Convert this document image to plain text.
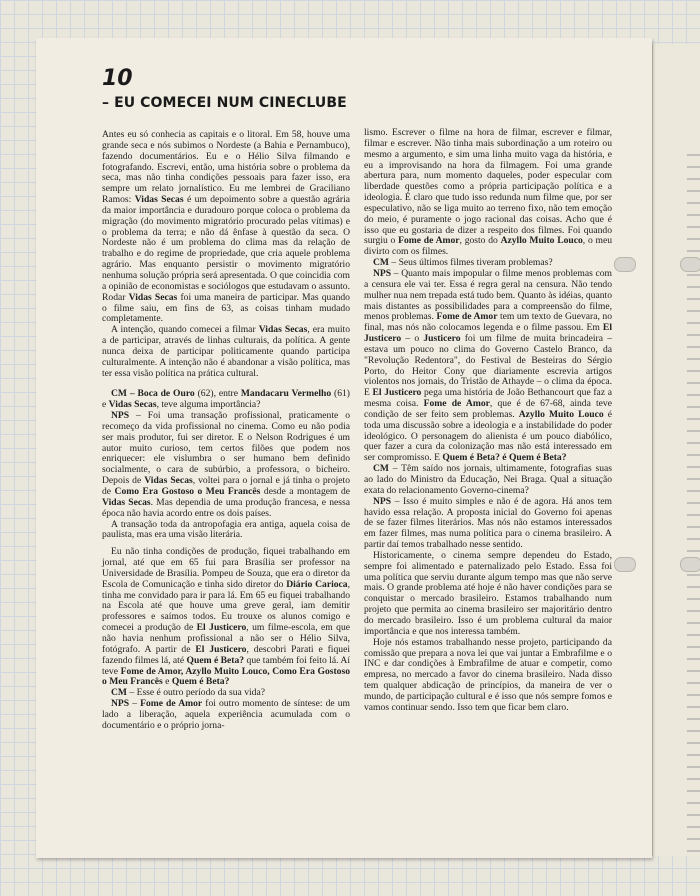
10
– EU COMECEI NUM CINECLUBE

Antes eu só conhecia as capitais e o litoral. Em 58, houve uma grande seca e nós subimos o Nordeste (a Bahia e Pernambuco), fazendo documentários. Eu e o Hélio Silva filmando e fotografando. Escrevi, então, uma história sobre o problema da seca, mas não tinha condições pessoais para fazer isso, era sempre um relato jornalístico. Eu me lembrei de Graciliano Ramos: Vidas Secas é um depoimento sobre a questão agrária da maior importância e duradouro porque coloca o problema da migração (do movimento migratório procurado pelas vítimas) e o problema da terra; e não dá ênfase à questão da seca. O Nordeste não é um problema do clima mas da relação de trabalho e do regime de propriedade, que cria aquele problema agrário. Mas enquanto persistir o movimento migratório nenhuma solução própria será apresentada. O que coincidia com a opinião de economistas e sociólogos que estudavam o assunto. Rodar Vidas Secas foi uma maneira de participar. Mas quando o filme saiu, em fins de 63, as coisas tinham mudado completamente.

A intenção, quando comecei a filmar Vidas Secas, era muito a de participar, através de linhas culturais, da política. A gente nunca deixa de participar politicamente quando participa culturalmente. A intenção não é abandonar a visão política, mas ter essa visão política na prática cultural.

CM – Boca de Ouro (62), entre Mandacaru Vermelho (61) e Vidas Secas, teve alguma importância?

NPS – Foi uma transação profissional, praticamente o recomeço da vida profissional no cinema. Como eu não podia ser mais produtor, fui ser diretor. E o Nelson Rodrigues é um autor muito curioso, tem certos filões que podem nos enriquecer: ele vislumbra o ser humano bem definido socialmente, o cara de subúrbio, a professora, o bicheiro. Depois de Vidas Secas, voltei para o jornal e já tinha o projeto de Como Era Gostoso o Meu Francês desde a montagem de Vidas Secas. Mas dependia de uma produção francesa, e nessa época não havia acordo entre os dois países.

A transação toda da antropofagia era antiga, aquela coisa de paulista, mas era uma visão literária.

Eu não tinha condições de produção, fiquei trabalhando em jornal, até que em 65 fui para Brasília ser professor na Universidade de Brasília. Pompeu de Souza, que era o diretor da Escola de Comunicação e tinha sido diretor do Diário Carioca, tinha me convidado para ir para lá. Em 65 eu fiquei trabalhando na Escola até que houve uma greve geral, iam demitir professores e saímos todos. Eu trouxe os alunos comigo e comecei a produção de El Justicero, um filme-escola, em que não havia nenhum profissional a não ser o Hélio Silva, fotógrafo. A partir de El Justicero, descobri Parati e fiquei fazendo filmes lá, até Quem é Beta? que também foi feito lá. Aí teve Fome de Amor, Azyllo Muito Louco, Como Era Gostoso o Meu Francês e Quem é Beta?

CM – Esse é outro período da sua vida?

NPS – Fome de Amor foi outro momento de síntese: de um lado a liberação, aquela experiência acumulada com o documentário e o próprio jorna-

lismo. Escrever o filme na hora de filmar, escrever e filmar, filmar e escrever. Não tinha mais subordinação a um roteiro ou mesmo a argumento, e sim uma linha muito vaga da história, e eu a improvisando na hora da filmagem. Foi uma grande abertura para, num momento daqueles, poder especular com liberdade questões como a própria participação política e a ideologia. É claro que tudo isso redunda num filme que, por ser especulativo, não se liga muito ao terreno fixo, não tem emoção do meio, é puramente o jogo racional das coisas. Acho que é isso que eu gostaria de dizer a respeito dos filmes. Foi quando surgiu o Fome de Amor, gosto do Azyllo Muito Louco, o meu divirto com os filmes.

CM – Seus últimos filmes tiveram problemas?

NPS – Quanto mais impopular o filme menos problemas com a censura ele vai ter. Essa é regra geral na censura. Não tendo mulher nua nem trepada está tudo bem. Quanto às idéias, quanto mais distantes as possibilidades para a compreensão do filme, menos problemas. Fome de Amor tem um texto de Guevara, no final, mas nós não colocamos legenda e o filme passou. Em El Justicero – o Justicero foi um filme de muita brincadeira – estava um pouco no clima do Governo Castelo Branco, da "Revolução Redentora", do Festival de Besteiras do Sérgio Porto, do Heitor Cony que diariamente escrevia artigos violentos nos jornais, do Tristão de Athayde – o clima da época. E El Justicero pega uma história de João Bethancourt que faz a mesma coisa. Fome de Amor, que é de 67-68, ainda teve condição de ser feito sem problemas. Azyllo Muito Louco é toda uma discussão sobre a ideologia e a instabilidade do poder ideológico. O personagem do alienista é um pouco diabólico, quer fazer a cura da colonização mas não está interessado em ser compromisso. E Quem é Beta? é Quem é Beta?

CM – Têm saído nos jornais, ultimamente, fotografias suas ao lado do Ministro da Educação, Nei Braga. Qual a situação exata do relacionamento Governo-cinema?

NPS – Isso é muito simples e não é de agora. Há anos tem havido essa relação. A proposta inicial do Governo foi apenas de se fazer filmes literários. Mas nós não estamos interessados em fazer filmes, mas numa política para o cinema brasileiro. A partir daí temos trabalhado nesse sentido.

Historicamente, o cinema sempre dependeu do Estado, sempre foi alimentado e paternalizado pelo Estado. Essa foi uma política que serviu durante algum tempo mas que não serve mais. O grande problema até hoje é não haver condições para se conquistar o mercado brasileiro. Estamos trabalhando num projeto que permita ao cinema brasileiro ser majoritário dentro do mercado brasileiro. Isso é um problema cultural da maior importância e que nos interessa também.

Hoje nós estamos trabalhando nesse projeto, participando da comissão que prepara a nova lei que vai juntar a Embrafilme e o INC e dar condições à Embrafilme de atuar e competir, como empresa, no mercado a favor do cinema brasileiro. Nada disso tem qualquer abdicação de princípios, da maneira de ver o mundo, de participação cultural e é isso que nós sempre fomos e vamos continuar sendo. Isso tem que ficar bem claro.
